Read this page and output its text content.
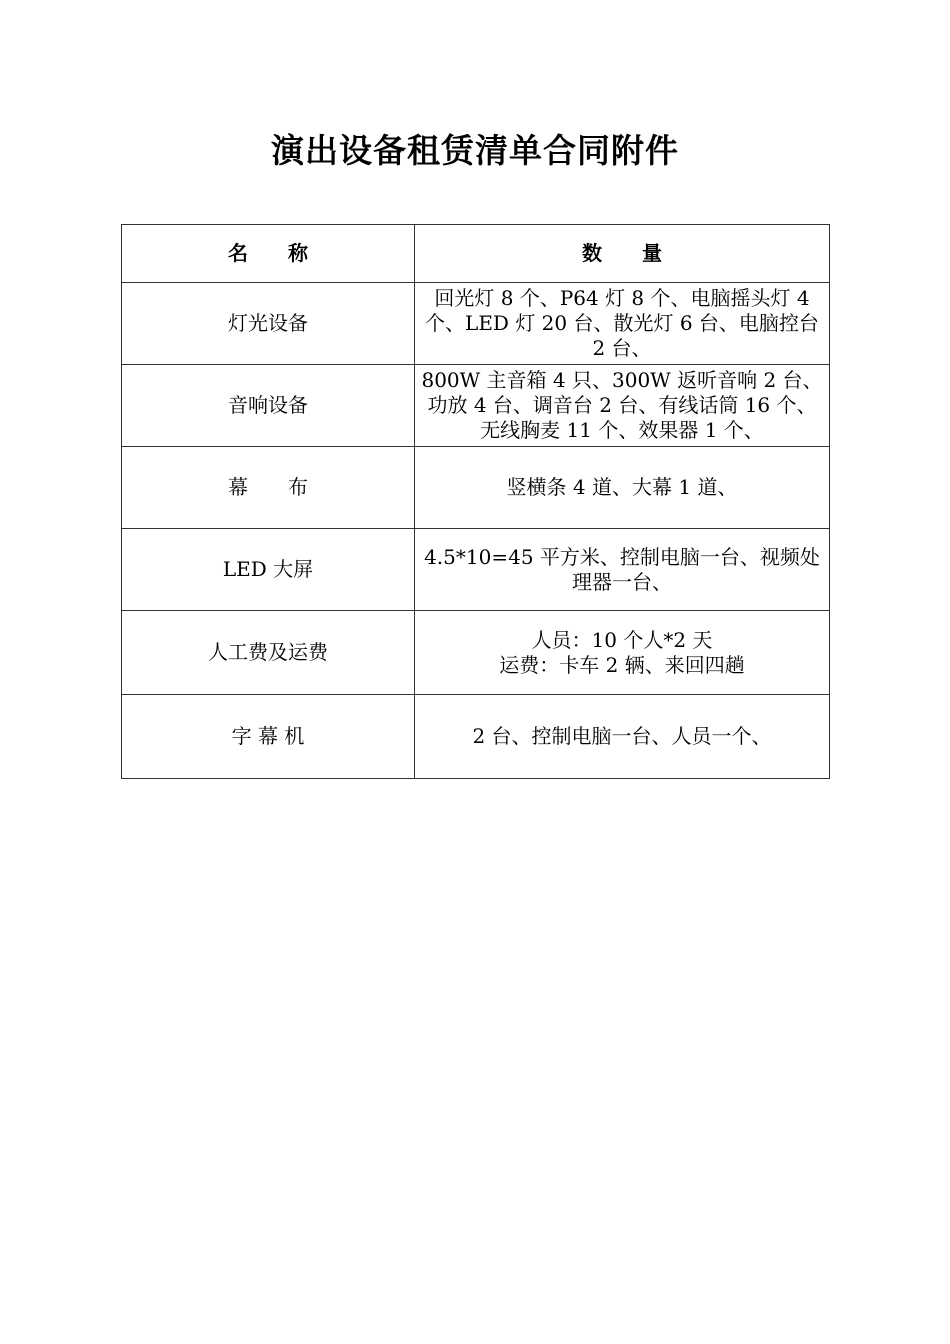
演出设备租赁清单合同附件
名　　称	数　　量
灯光设备	回光灯 8 个、P64 灯 8 个、电脑摇头灯 4 个、LED 灯 20 台、散光灯 6 台、电脑控台 2 台、
音响设备	800W 主音箱 4 只、300W 返听音响 2 台、功放 4 台、调音台 2 台、有线话筒 16 个、无线胸麦 11 个、效果器 1 个、
幕　　布	竖横条 4 道、大幕 1 道、
LED 大屏	4.5*10=45 平方米、控制电脑一台、视频处理器一台、
人工费及运费	人员：10 个人*2 天
运费：卡车 2 辆、来回四趟

字 幕 机	2 台、控制电脑一台、人员一个、
